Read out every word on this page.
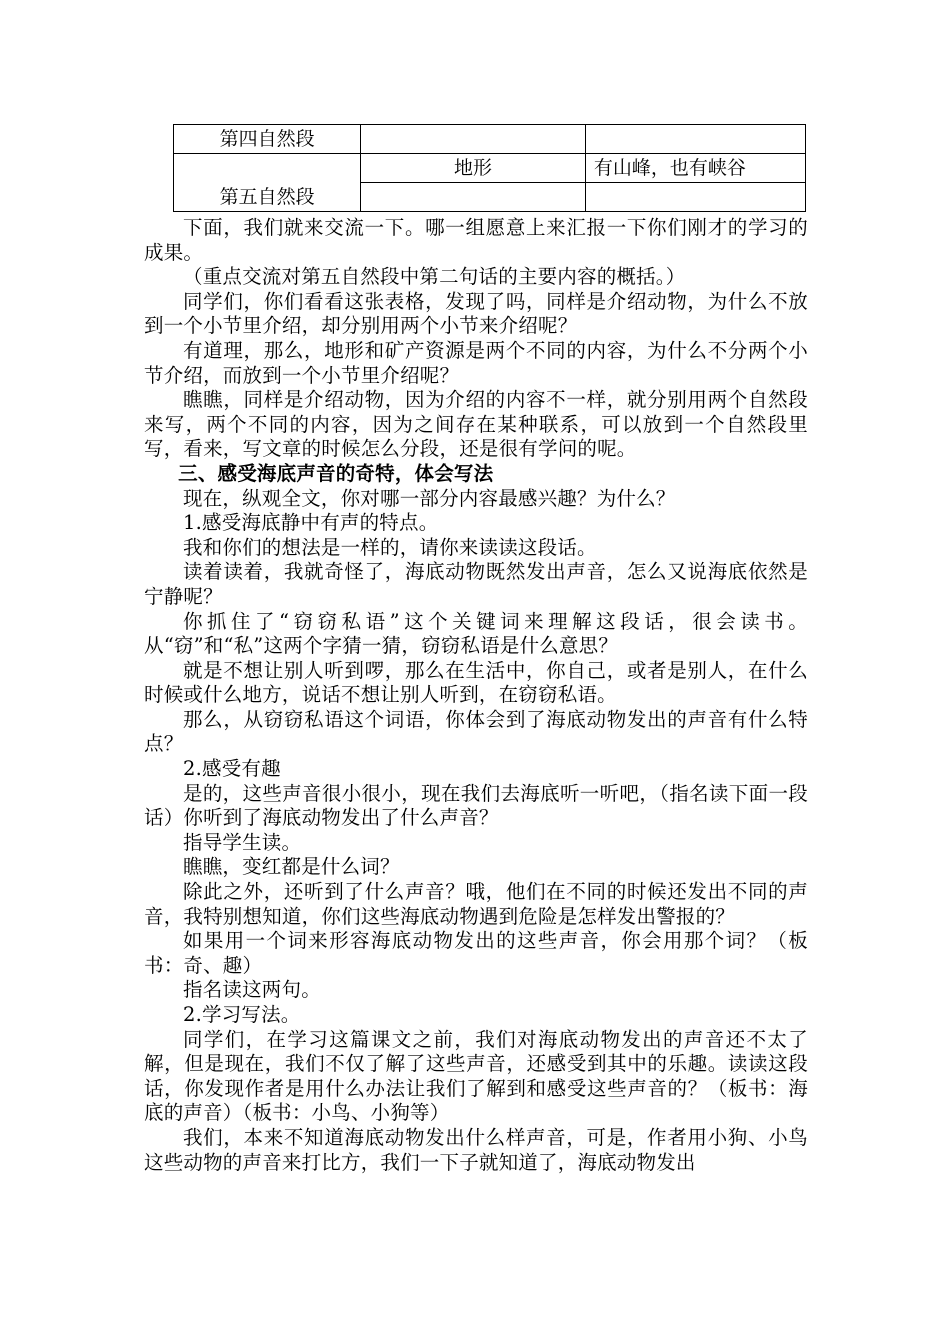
第四自然段		
第五自然段	地形	有山峰，也有峡谷

下面，我们就来交流一下。哪一组愿意上来汇报一下你们刚才的学习的成果。

（重点交流对第五自然段中第二句话的主要内容的概括。）

同学们，你们看看这张表格，发现了吗，同样是介绍动物，为什么不放到一个小节里介绍，却分别用两个小节来介绍呢？

有道理，那么，地形和矿产资源是两个不同的内容，为什么不分两个小节介绍，而放到一个小节里介绍呢？

瞧瞧，同样是介绍动物，因为介绍的内容不一样，就分别用两个自然段来写，两个不同的内容，因为之间存在某种联系，可以放到一个自然段里写，看来，写文章的时候怎么分段，还是很有学问的呢。

三、感受海底声音的奇特，体会写法

现在，纵观全文，你对哪一部分内容最感兴趣？为什么？

1.感受海底静中有声的特点。

我和你们的想法是一样的，请你来读读这段话。

读着读着，我就奇怪了，海底动物既然发出声音，怎么又说海底依然是宁静呢？

你抓住了“窃窃私语”这个关键词来理解这段话，很会读书。从“窃”和“私”这两个字猜一猜，窃窃私语是什么意思？

就是不想让别人听到啰，那么在生活中，你自己，或者是别人，在什么时候或什么地方，说话不想让别人听到，在窃窃私语。

那么，从窃窃私语这个词语，你体会到了海底动物发出的声音有什么特点？

2.感受有趣

是的，这些声音很小很小，现在我们去海底听一听吧，（指名读下面一段话）你听到了海底动物发出了什么声音？

指导学生读。

瞧瞧，变红都是什么词？

除此之外，还听到了什么声音？哦，他们在不同的时候还发出不同的声音，我特别想知道，你们这些海底动物遇到危险是怎样发出警报的？

如果用一个词来形容海底动物发出的这些声音，你会用那个词？（板书：奇、趣）

指名读这两句。

2.学习写法。

同学们，在学习这篇课文之前，我们对海底动物发出的声音还不太了解，但是现在，我们不仅了解了这些声音，还感受到其中的乐趣。读读这段话，你发现作者是用什么办法让我们了解到和感受这些声音的？（板书：海底的声音）（板书：小鸟、小狗等）

我们，本来不知道海底动物发出什么样声音，可是，作者用小狗、小鸟这些动物的声音来打比方，我们一下子就知道了，海底动物发出
